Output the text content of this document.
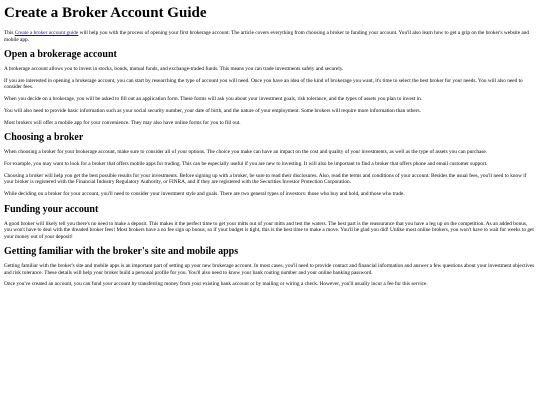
Create a Broker Account Guide

This Create a broker account guide will help you with the process of opening your first brokerage account. The article covers everything from choosing a broker to funding your account. You'll also learn how to get a grip on the broker's website and mobile app.

Open a brokerage account

A brokerage account allows you to invest in stocks, bonds, mutual funds, and exchange-traded funds. This means you can trade investments safely and securely.

If you are interested in opening a brokerage account, you can start by researching the type of account you will need. Once you have an idea of the kind of brokerage you want, it's time to select the best broker for your needs. You will also need to consider fees.

When you decide on a brokerage, you will be asked to fill out an application form. These forms will ask you about your investment goals, risk tolerance, and the types of assets you plan to invest in.

You will also need to provide basic information such as your social security number, your date of birth, and the nature of your employment. Some brokers will require more information than others.

Most brokers will offer a mobile app for your convenience. They may also have online forms for you to fill out.

Choosing a broker

When choosing a broker for your brokerage account, make sure to consider all of your options. The choice you make can have an impact on the cost and quality of your investments, as well as the type of assets you can purchase.

For example, you may want to look for a broker that offers mobile apps for trading. This can be especially useful if you are new to investing. It will also be important to find a broker that offers phone and email customer support.

Choosing a broker will help you get the best possible results for your investments. Before signing up with a broker, be sure to read their disclosures. Also, read the terms and conditions of your account. Besides the usual fees, you'll need to know if your broker is registered with the Financial Industry Regulatory Authority, or FINRA, and if they are registered with the Securities Investor Protection Corporation.

While deciding on a broker for your account, you'll need to consider your investment style and goals. There are two general types of investors: those who buy and hold, and those who trade.

Funding your account

A good broker will likely tell you there's no need to make a deposit. This makes it the perfect time to get your mitts out of your mitts and test the waters. The best part is the reassurance that you have a leg up on the competition. As an added bonus, you won't have to deal with the dreaded broker fees! Most brokers have a no fee sign up bonus, so if your budget is tight, this is the best time to make a move. You'll be glad you did! Unlike most online brokers, you won't have to wait for weeks to get your money out of your deposit!

Getting familiar with the broker's site and mobile apps

Getting familiar with the broker's site and mobile apps is an important part of setting up your new brokerage account. In most cases, you'll need to provide contact and financial information and answer a few questions about your investment objectives and risk tolerance. These details will help your broker build a personal profile for you. You'll also need to know your bank routing number and your online banking password.

Once you've created an account, you can fund your account by transferring money from your existing bank account or by mailing or wiring a check. However, you'll usually incur a fee for this service.
